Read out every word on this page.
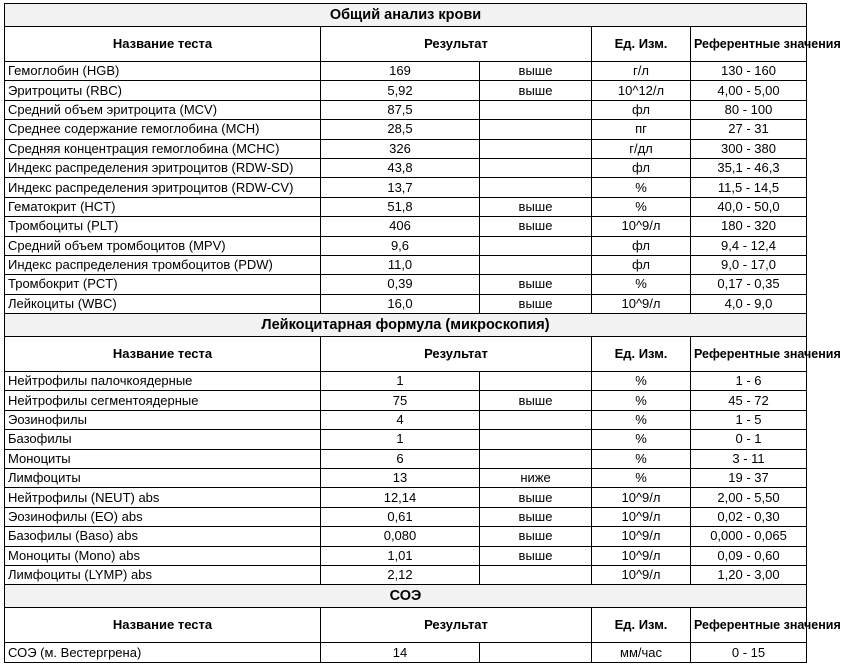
Общий анализ крови				
Название теста	Результат		Ед. Изм.	Референтные значения
Гемоглобин (HGB)	169	выше	г/л	130 - 160
Эритроциты (RBC)	5,92	выше	10^12/л	4,00 - 5,00
Средний объем эритроцита (MCV)	87,5		фл	80 - 100
Среднее содержание гемоглобина (MCH)	28,5		пг	27 - 31
Средняя концентрация гемоглобина (MCHC)	326		г/дл	300 - 380
Индекс распределения эритроцитов (RDW-SD)	43,8		фл	35,1 - 46,3
Индекс распределения эритроцитов (RDW-CV)	13,7		%	11,5 - 14,5
Гематокрит (HCT)	51,8	выше	%	40,0 - 50,0
Тромбоциты (PLT)	406	выше	10^9/л	180 - 320
Средний объем тромбоцитов (MPV)	9,6		фл	9,4 - 12,4
Индекс распределения тромбоцитов (PDW)	11,0		фл	9,0 - 17,0
Тромбокрит (PCT)	0,39	выше	%	0,17 - 0,35
Лейкоциты (WBC)	16,0	выше	10^9/л	4,0 - 9,0
Лейкоцитарная формула (микроскопия)				
Название теста	Результат		Ед. Изм.	Референтные значения
Нейтрофилы палочкоядерные	1		%	1 - 6
Нейтрофилы сегментоядерные	75	выше	%	45 - 72
Эозинофилы	4		%	1 - 5
Базофилы	1		%	0 - 1
Моноциты	6		%	3 - 11
Лимфоциты	13	ниже	%	19 - 37
Нейтрофилы (NEUT) abs	12,14	выше	10^9/л	2,00 - 5,50
Эозинофилы (EO) abs	0,61	выше	10^9/л	0,02 - 0,30
Базофилы (Baso) abs	0,080	выше	10^9/л	0,000 - 0,065
Моноциты (Mono) abs	1,01	выше	10^9/л	0,09 - 0,60
Лимфоциты (LYMP) abs	2,12		10^9/л	1,20 - 3,00
СОЭ				
Название теста	Результат		Ед. Изм.	Референтные значения
СОЭ (м. Вестергрена)	14		мм/час	0 - 15
